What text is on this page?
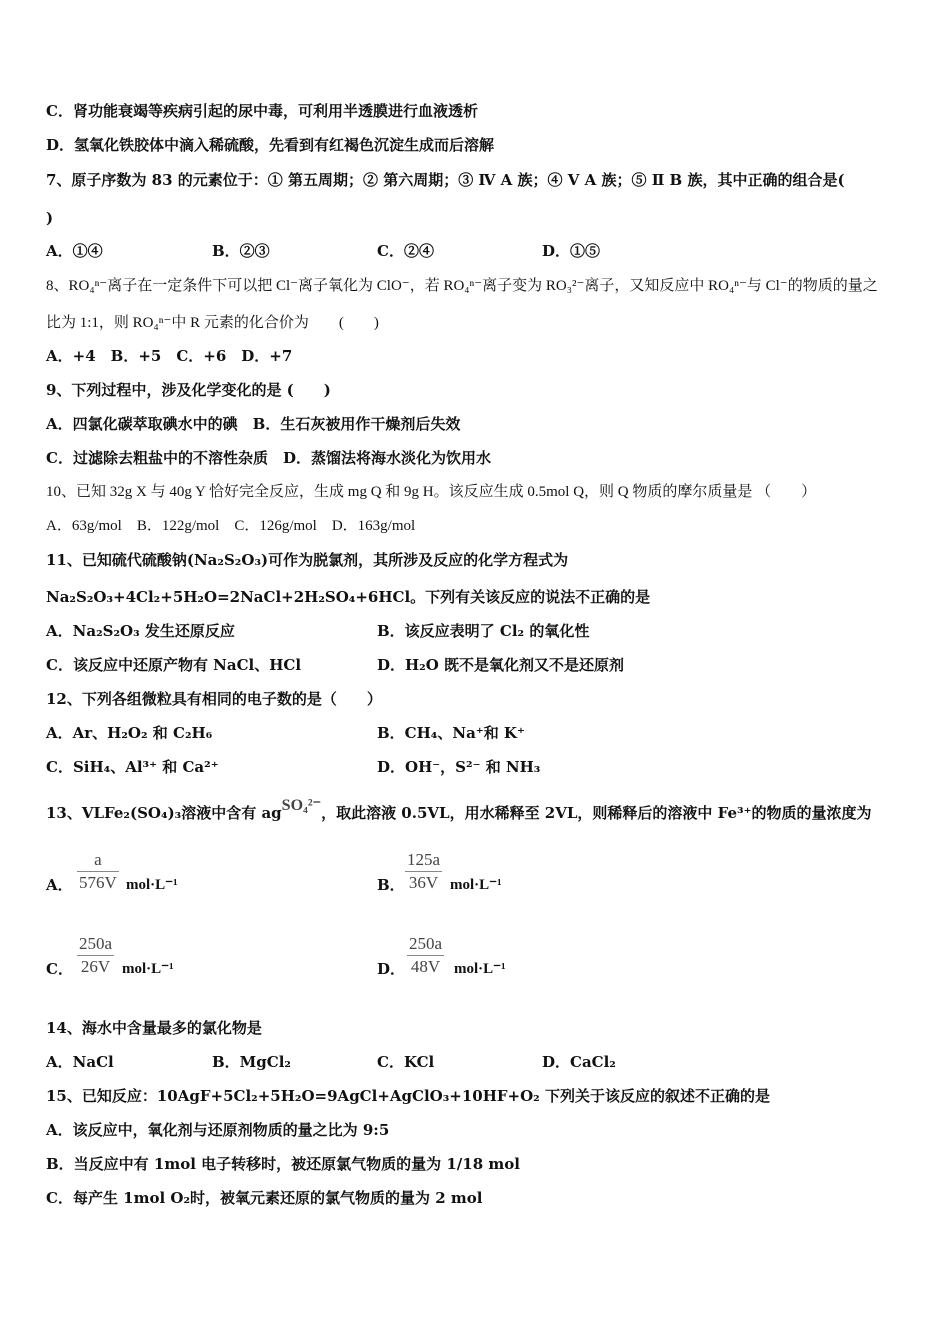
C．肾功能衰竭等疾病引起的尿中毒，可利用半透膜进行血液透析
D．氢氧化铁胶体中滴入稀硫酸，先看到有红褐色沉淀生成而后溶解
7、原子序数为 83 的元素位于：① 第五周期；② 第六周期；③ Ⅳ A 族；④ Ⅴ A 族；⑤ Ⅱ B 族，其中正确的组合是(
)
A．①④	B．②③	C．②④	D．①⑤
8、RO₄ⁿ⁻离子在一定条件下可以把 Cl⁻离子氧化为 ClO⁻，若 RO₄ⁿ⁻离子变为 RO₃²⁻离子，又知反应中 RO₄ⁿ⁻与 Cl⁻的物质的量之
比为 1:1，则 RO₄ⁿ⁻中 R 元素的化合价为　　(　　)
A．+4　B．+5　C．+6　D．+7
9、下列过程中，涉及化学变化的是 (　　)
A．四氯化碳萃取碘水中的碘　B．生石灰被用作干燥剂后失效
C．过滤除去粗盐中的不溶性杂质　D．蒸馏法将海水淡化为饮用水
10、已知 32g X 与 40g Y 恰好完全反应，生成 mg Q 和 9g H。该反应生成 0.5mol Q，则 Q 物质的摩尔质量是 （　　）
A．63g/mol　B．122g/mol　C．126g/mol　D．163g/mol
11、已知硫代硫酸钠(Na₂S₂O₃)可作为脱氯剂，其所涉及反应的化学方程式为
Na₂S₂O₃+4Cl₂+5H₂O=2NaCl+2H₂SO₄+6HCl。下列有关该反应的说法不正确的是
A．Na₂S₂O₃ 发生还原反应	B．该反应表明了 Cl₂ 的氧化性
C．该反应中还原产物有 NaCl、HCl	D．H₂O 既不是氧化剂又不是还原剂
12、下列各组微粒具有相同的电子数的是（　　）
A．Ar、H₂O₂ 和 C₂H₆	B．CH₄、Na⁺和 K⁺
C．SiH₄、Al³⁺ 和 Ca²⁺	D．OH⁻，S²⁻ 和 NH₃
13、VLFe₂(SO₄)₃溶液中含有 agSO₄²⁻，取此溶液 0.5VL，用水稀释至 2VL，则稀释后的溶液中 Fe³⁺的物质的量浓度为
A．
a
576V mol·L⁻¹	B．
125a
36V mol·L⁻¹
C．
250a
26V mol·L⁻¹	D．
250a
48V mol·L⁻¹
14、海水中含量最多的氯化物是
A．NaCl	B．MgCl₂	C．KCl	D．CaCl₂
15、已知反应：10AgF+5Cl₂+5H₂O=9AgCl+AgClO₃+10HF+O₂ 下列关于该反应的叙述不正确的是
A．该反应中，氧化剂与还原剂物质的量之比为 9:5
B．当反应中有 1mol 电子转移时，被还原氯气物质的量为 1/18 mol
C．每产生 1mol O₂时，被氧元素还原的氯气物质的量为 2 mol
